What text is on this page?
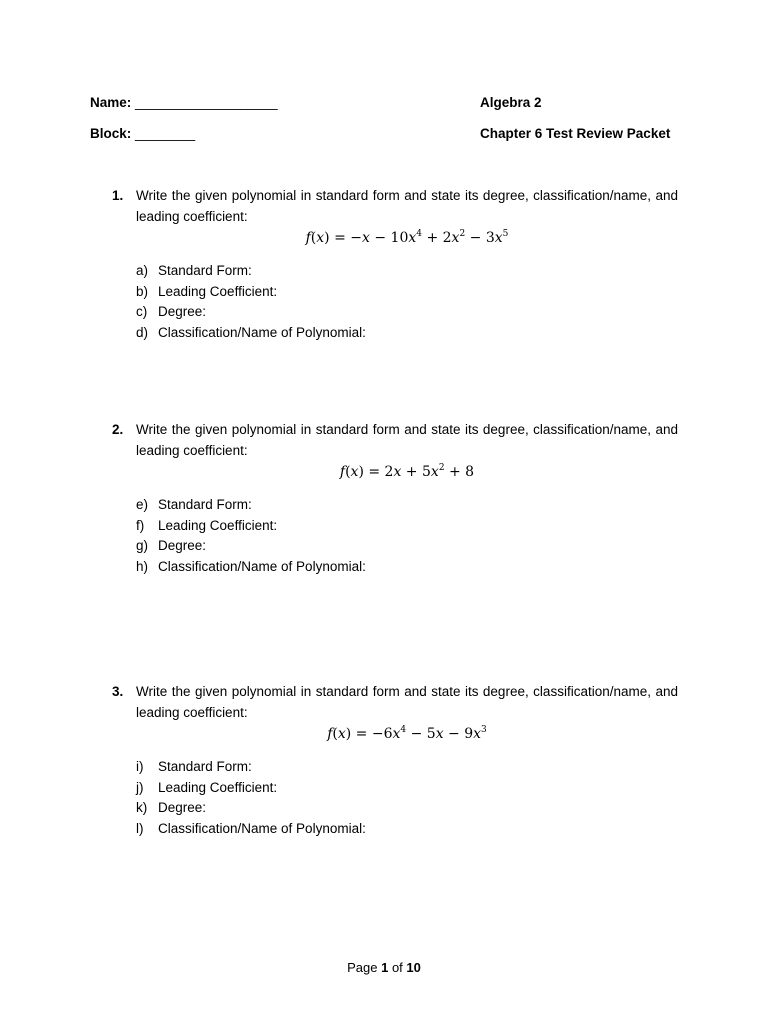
Name: ___________________
Block: ________
Algebra 2
Chapter 6 Test Review Packet
1. Write the given polynomial in standard form and state its degree, classification/name, and leading coefficient:
$f(x) = -x - 10x^4 + 2x^2 - 3x^5$
a) Standard Form:
b) Leading Coefficient:
c) Degree:
d) Classification/Name of Polynomial:
2. Write the given polynomial in standard form and state its degree, classification/name, and leading coefficient:
$f(x) = 2x + 5x^2 + 8$
e) Standard Form:
f) Leading Coefficient:
g) Degree:
h) Classification/Name of Polynomial:
3. Write the given polynomial in standard form and state its degree, classification/name, and leading coefficient:
$f(x) = -6x^4 - 5x - 9x^3$
i) Standard Form:
j) Leading Coefficient:
k) Degree:
l) Classification/Name of Polynomial:
Page 1 of 10
